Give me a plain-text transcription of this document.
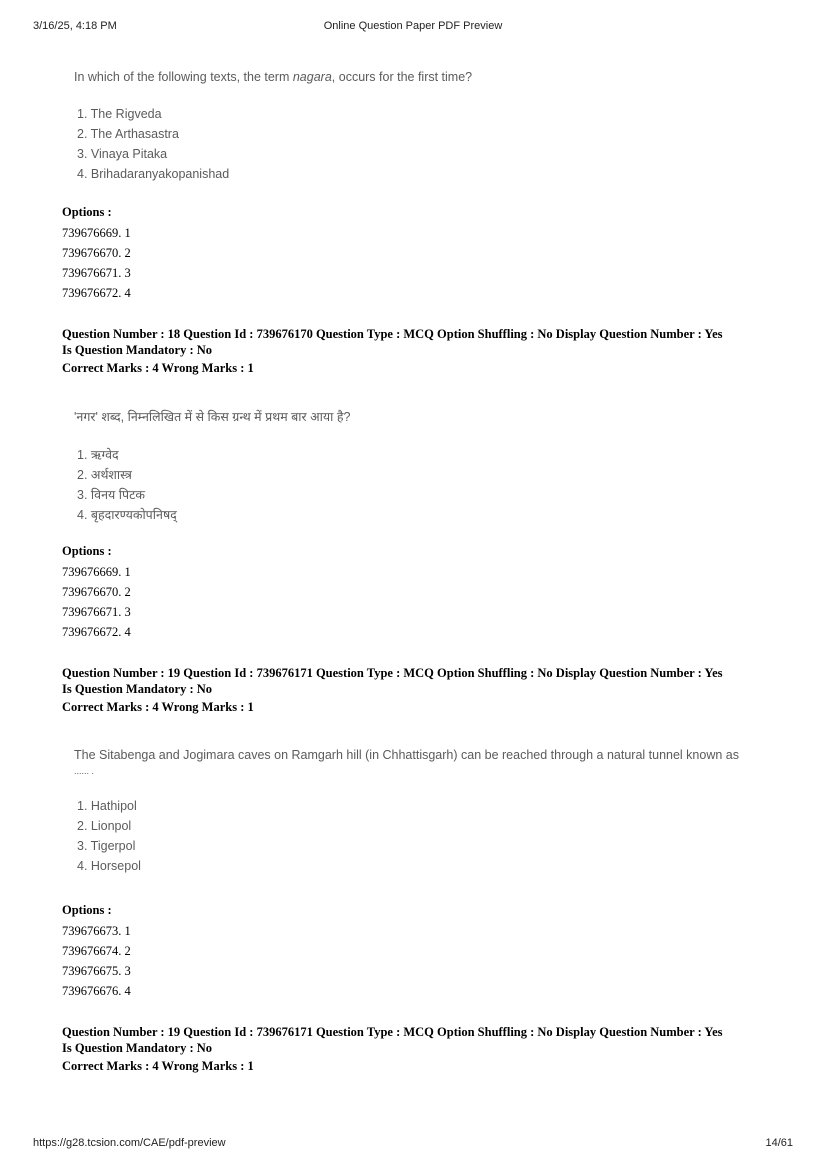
3/16/25, 4:18 PM	Online Question Paper PDF Preview
In which of the following texts, the term nagara, occurs for the first time?
1. The Rigveda
2. The Arthasastra
3. Vinaya Pitaka
4. Brihadaranyakopanishad
Options :
739676669. 1
739676670. 2
739676671. 3
739676672. 4
Question Number : 18 Question Id : 739676170 Question Type : MCQ Option Shuffling : No Display Question Number : Yes
Is Question Mandatory : No
Correct Marks : 4 Wrong Marks : 1
'नगर' शब्द, निम्नलिखित में से किस ग्रन्थ में प्रथम बार आया है?
1. ऋग्वेद
2. अर्थशास्त्र
3. विनय पिटक
4. बृहदारण्यकोपनिषद्
Options :
739676669. 1
739676670. 2
739676671. 3
739676672. 4
Question Number : 19 Question Id : 739676171 Question Type : MCQ Option Shuffling : No Display Question Number : Yes
Is Question Mandatory : No
Correct Marks : 4 Wrong Marks : 1
The Sitabenga and Jogimara caves on Ramgarh hill (in Chhattisgarh) can be reached through a natural tunnel known as
...... .
1. Hathipol
2. Lionpol
3. Tigerpol
4. Horsepol
Options :
739676673. 1
739676674. 2
739676675. 3
739676676. 4
Question Number : 19 Question Id : 739676171 Question Type : MCQ Option Shuffling : No Display Question Number : Yes
Is Question Mandatory : No
Correct Marks : 4 Wrong Marks : 1
https://g28.tcsion.com/CAE/pdf-preview	14/61
